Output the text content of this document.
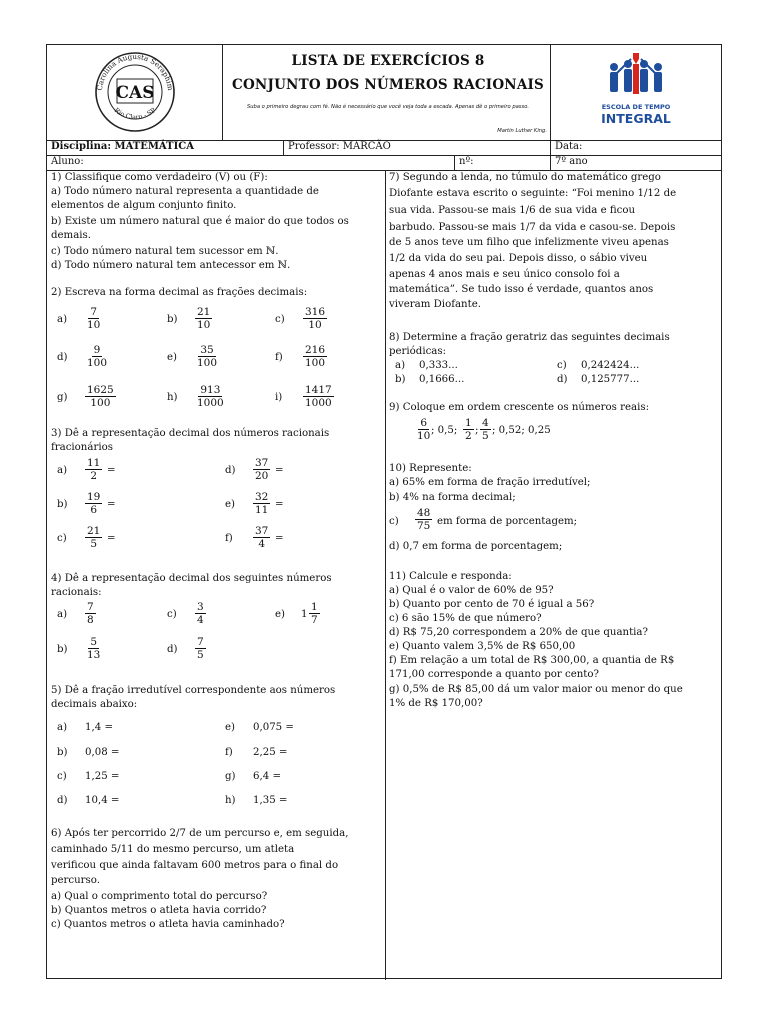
Carolina Augusta Seraphim
Rio Claro - SP
CAS
LISTA DE EXERCÍCIOS 8
CONJUNTO DOS NÚMEROS RACIONAIS
Suba o primeiro degrau com fé. Não é necessário que você veja toda a escada. Apenas dê o primeiro passo.
Martin Luther King.
ESCOLA DE TEMPO
INTEGRAL
Disciplina: MATEMÁTICA	Professor: MARCÃO	Data:
Aluno:	nº:	7º ano
1) Classifique como verdadeiro (V) ou (F):
a) Todo número natural representa a quantidade de
elementos de algum conjunto finito.
b) Existe um número natural que é maior do que todos os
demais.
c) Todo número natural tem sucessor em ℕ.
d) Todo número natural tem antecessor em ℕ.
2) Escreva na forma decimal as frações decimais:
$a) \frac{7}{10}$	$b) \frac{21}{10}$	$c) \frac{316}{10}$
$d) \frac{9}{100}$	$e) \frac{35}{100}$	$f) \frac{216}{100}$
$g) \frac{1625}{100}$	$h) \frac{913}{1000}$	$i) \frac{1417}{1000}$
3) Dê a representação decimal dos números racionais
fracionários
$a) \frac{11}{2}$ =	$d) \frac{37}{20}$ =
$b) \frac{19}{6}$ =	$e) \frac{32}{11}$ =
$c) \frac{21}{5}$ =	$f) \frac{37}{4}$ =
4) Dê a representação decimal dos seguintes números
racionais:
$a) \frac{7}{8}$	$c) \frac{3}{4}$	e) $1 \frac{1}{7}$
$b) \frac{5}{13}$	$d) \frac{7}{5}$
5) Dê a fração irredutível correspondente aos números
decimais abaixo:
a) 1,4 =	e) 0,075 =
b) 0,08 =	f) 2,25 =
c) 1,25 =	g) 6,4 =
d) 10,4 =	h) 1,35 =
6) Após ter percorrido 2/7 de um percurso e, em seguida,
caminhado 5/11 do mesmo percurso, um atleta
verificou que ainda faltavam 600 metros para o final do
percurso.
a) Qual o comprimento total do percurso?
b) Quantos metros o atleta havia corrido?
c) Quantos metros o atleta havia caminhado?
7) Segundo a lenda, no túmulo do matemático grego
Diofante estava escrito o seguinte: “Foi menino 1/12 de
sua vida. Passou-se mais 1/6 de sua vida e ficou
barbudo. Passou-se mais 1/7 da vida e casou-se. Depois
de 5 anos teve um filho que infelizmente viveu apenas
1/2 da vida do seu pai. Depois disso, o sábio viveu
apenas 4 anos mais e seu único consolo foi a
matemática”. Se tudo isso é verdade, quantos anos
viveram Diofante.
8) Determine a fração geratriz das seguintes decimais
periódicas:
a) 0,333...	c) 0,242424...
b) 0,1666...	d) 0,125777...
9) Coloque em ordem crescente os números reais:
$\frac{6}{10}$
; 0,5; $\frac{1}{2}$ ; $\frac{4}{5}$ ; 0,52; 0,25
10) Represente:
a) 65% em forma de fração irredutível;
b) 4% na forma decimal;
$c) \frac{48}{75}$ em forma de porcentagem;
d) 0,7 em forma de porcentagem;
11) Calcule e responda:
a) Qual é o valor de 60% de 95?
b) Quanto por cento de 70 é igual a 56?
c) 6 são 15% de que número?
d) R$ 75,20 correspondem a 20% de que quantia?
e) Quanto valem 3,5% de R$ 650,00
f) Em relação a um total de R$ 300,00, a quantia de R$
171,00 corresponde a quanto por cento?
g) 0,5% de R$ 85,00 dá um valor maior ou menor do que
1% de R$ 170,00?
